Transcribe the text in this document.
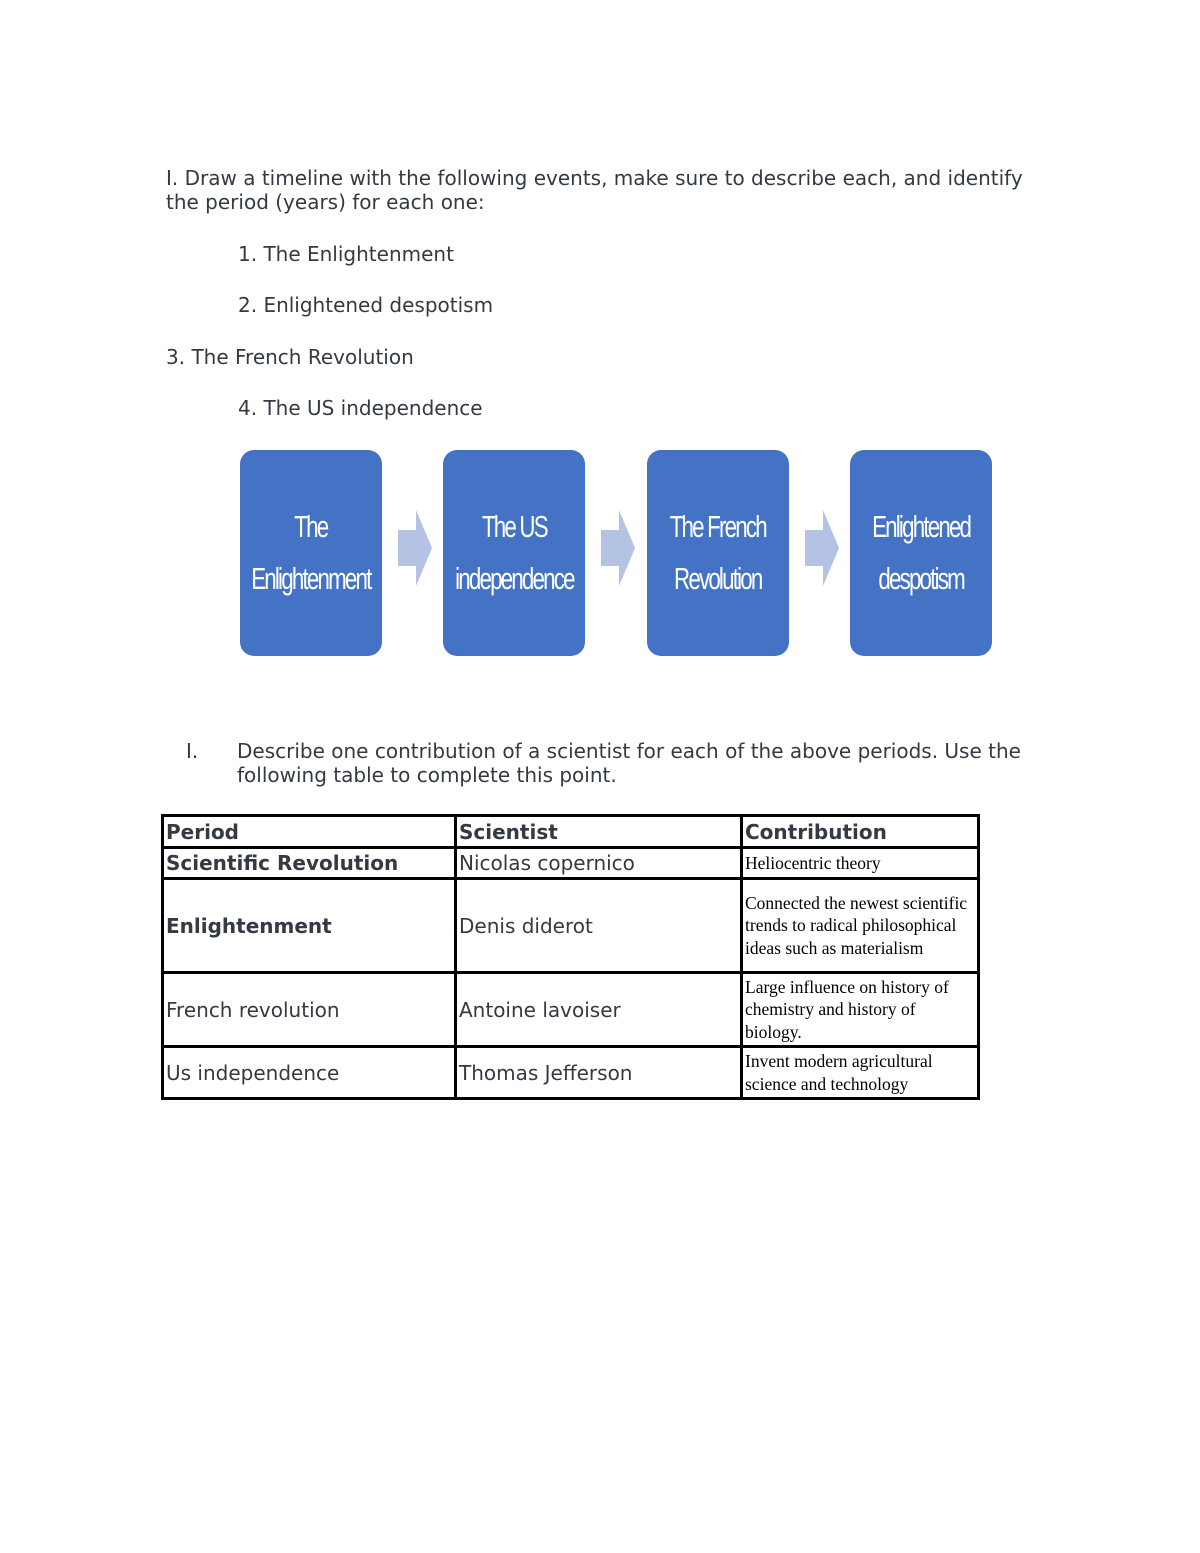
I. Draw a timeline with the following events, make sure to describe each, and identify the period (years) for each one:
1. The Enlightenment
2. Enlightened despotism
3. The French Revolution
4. The US independence
The
Enlightenment
The US
independence
The French
Revolution
Enlightened
despotism
I. Describe one contribution of a scientist for each of the above periods. Use the following table to complete this point.
Period	Scientist	Contribution
Scientific Revolution	Nicolas copernico	Heliocentric theory
Enlightenment	Denis diderot	Connected the newest scientific trends to radical philosophical ideas such as materialism
French revolution	Antoine lavoiser	Large influence on history of chemistry and history of biology.
Us independence	Thomas Jefferson	Invent modern agricultural science and technology
